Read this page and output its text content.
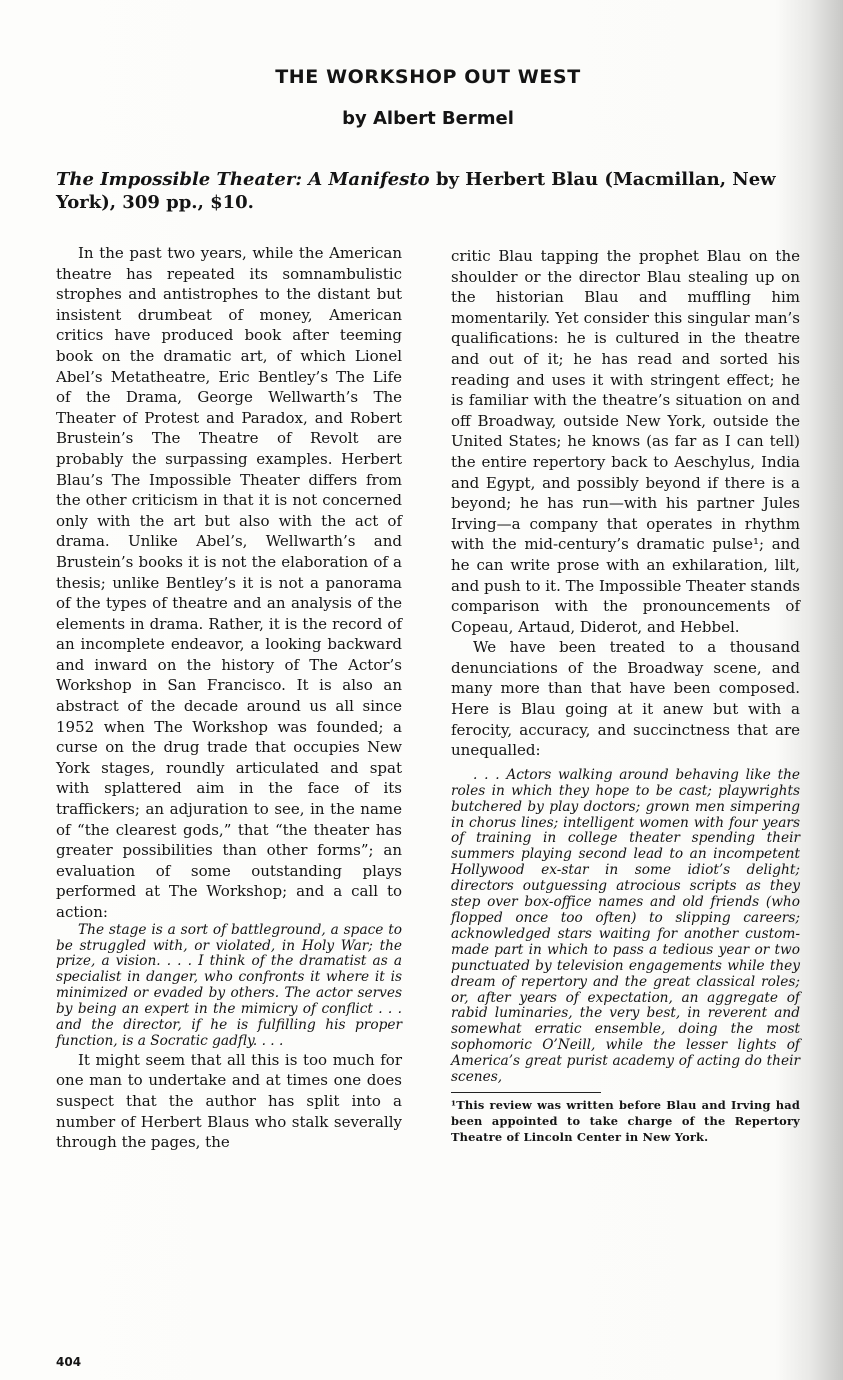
THE WORKSHOP OUT WEST
by Albert Bermel
The Impossible Theater: A Manifesto by Herbert Blau (Macmillan, New York), 309 pp., $10.

In the past two years, while the American theatre has repeated its somnambulistic strophes and antistrophes to the distant but insistent drumbeat of money, American critics have produced book after teeming book on the dramatic art, of which Lionel Abel’s Metatheatre, Eric Bentley’s The Life of the Drama, George Wellwarth’s The Theater of Protest and Paradox, and Robert Brustein’s The Theatre of Revolt are probably the surpassing examples. Herbert Blau’s The Impossible Theater differs from the other criticism in that it is not concerned only with the art but also with the act of drama. Unlike Abel’s, Wellwarth’s and Brustein’s books it is not the elaboration of a thesis; unlike Bentley’s it is not a panorama of the types of theatre and an analysis of the elements in drama. Rather, it is the record of an incomplete endeavor, a looking backward and inward on the history of The Actor’s Workshop in San Francisco. It is also an abstract of the decade around us all since 1952 when The Workshop was founded; a curse on the drug trade that occupies New York stages, roundly articulated and spat with splattered aim in the face of its traffickers; an adjuration to see, in the name of “the clearest gods,” that “the theater has greater possibilities than other forms”; an evaluation of some outstanding plays performed at The Workshop; and a call to action:

The stage is a sort of battleground, a space to be struggled with, or violated, in Holy War; the prize, a vision. . . . I think of the dramatist as a specialist in danger, who confronts it where it is minimized or evaded by others. The actor serves by being an expert in the mimicry of conflict . . . and the director, if he is fulfilling his proper function, is a Socratic gadfly. . . .

It might seem that all this is too much for one man to undertake and at times one does suspect that the author has split into a number of Herbert Blaus who stalk severally through the pages, the

critic Blau tapping the prophet Blau on the shoulder or the director Blau stealing up on the historian Blau and muffling him momentarily. Yet consider this singular man’s qualifications: he is cultured in the theatre and out of it; he has read and sorted his reading and uses it with stringent effect; he is familiar with the theatre’s situation on and off Broadway, outside New York, outside the United States; he knows (as far as I can tell) the entire repertory back to Aeschylus, India and Egypt, and possibly beyond if there is a beyond; he has run—with his partner Jules Irving—a company that operates in rhythm with the mid-century’s dramatic pulse¹; and he can write prose with an exhilaration, lilt, and push to it. The Impossible Theater stands comparison with the pronouncements of Copeau, Artaud, Diderot, and Hebbel.

We have been treated to a thousand denunciations of the Broadway scene, and many more than that have been composed. Here is Blau going at it anew but with a ferocity, accuracy, and succinctness that are unequalled:

. . . Actors walking around behaving like the roles in which they hope to be cast; playwrights butchered by play doctors; grown men simpering in chorus lines; intelligent women with four years of training in college theater spending their summers playing second lead to an incompetent Hollywood ex-star in some idiot’s delight; directors outguessing atrocious scripts as they step over box-office names and old friends (who flopped once too often) to slipping careers; acknowledged stars waiting for another custom-made part in which to pass a tedious year or two punctuated by television engagements while they dream of repertory and the great classical roles; or, after years of expectation, an aggregate of rabid luminaries, the very best, in reverent and somewhat erratic ensemble, doing the most sophomoric O’Neill, while the lesser lights of America’s great purist academy of acting do their scenes,

¹This review was written before Blau and Irving had been appointed to take charge of the Repertory Theatre of Lincoln Center in New York.
404
